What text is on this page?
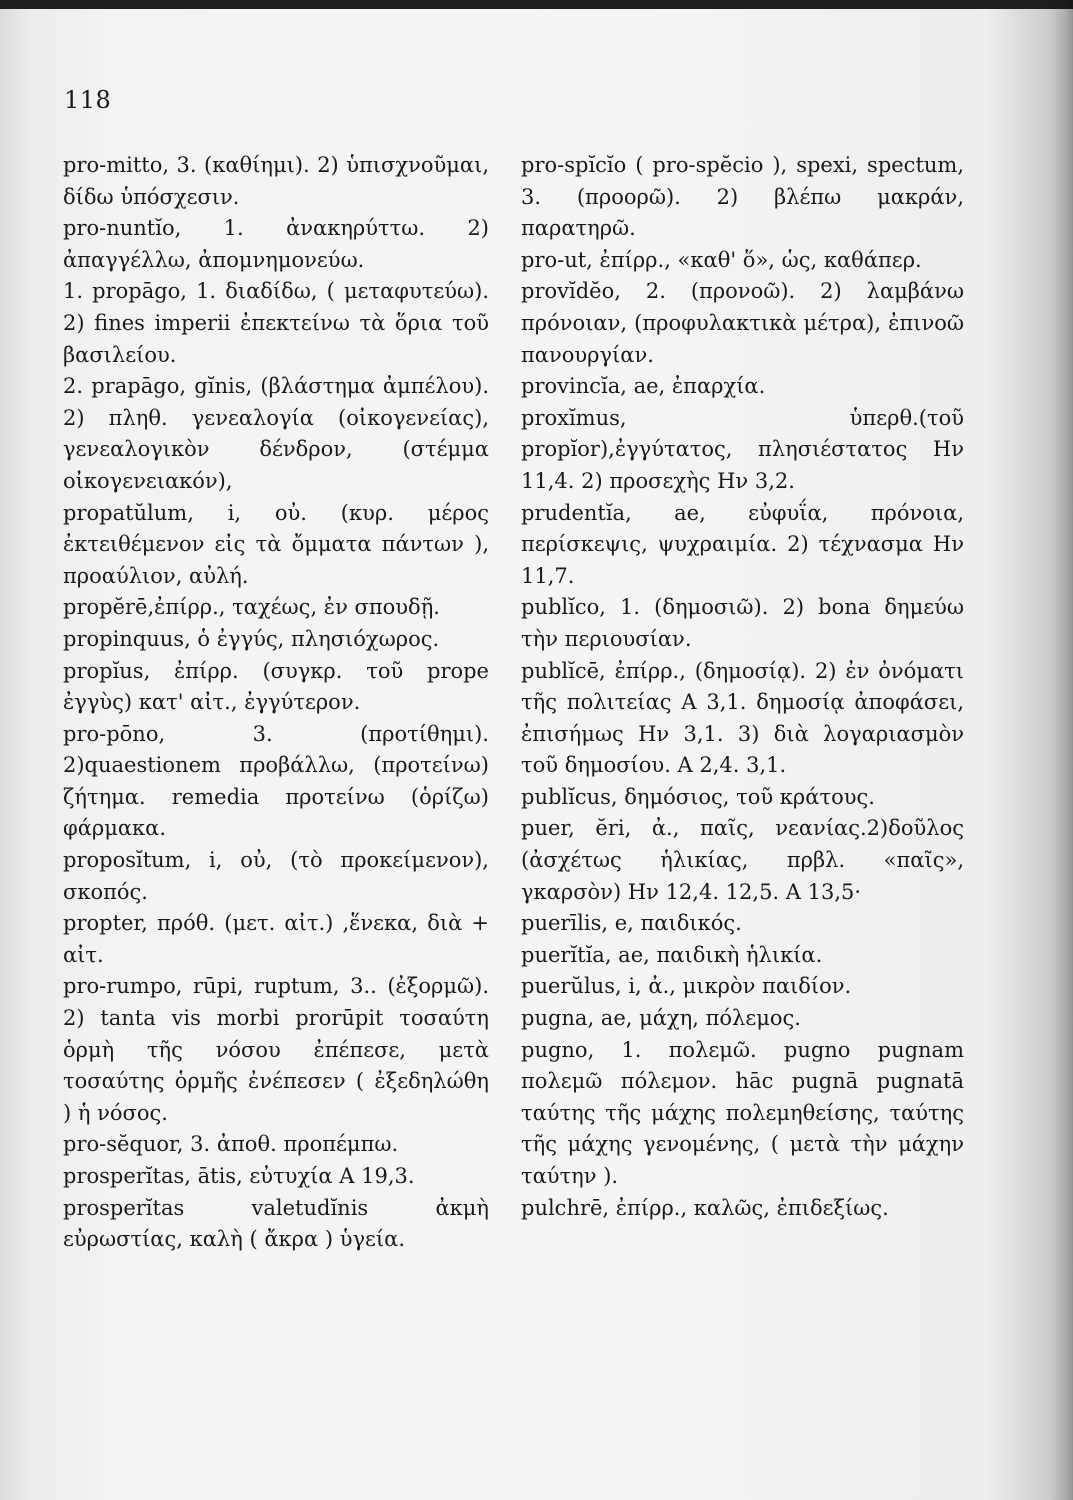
118

pro-mitto, 3. (καθίημι). 2) ὑπισχνοῦμαι, δίδω ὑπόσχεσιν.

pro-nuntĭo, 1. ἀνακηρύττω. 2) ἀπαγγέλλω, ἀπομνημονεύω.

1. propāgo, 1. διαδίδω, ( μεταφυτεύω). 2) fines imperii ἐπεκτείνω τὰ ὅρια τοῦ βασιλείου.

2. prapāgo, gĭnis, (βλάστημα ἀμπέλου). 2) πληθ. γενεαλογία (οἰκογενείας), γενεαλογικὸν δένδρον, (στέμμα οἰκογενειακόν),

propatŭlum, i, οὐ. (κυρ. μέρος ἐκτειθέμενον εἰς τὰ ὄμματα πάντων ), προαύλιον, αὐλή.

propĕrē,ἐπίρρ., ταχέως, ἐν σπουδῇ.

propinquus, ὁ ἐγγύς, πλησιόχωρος.

propĭus, ἐπίρρ. (συγκρ. τοῦ prope ἐγγὺς) κατ' αἰτ., ἐγγύτερον.

pro-pōno, 3. (προτίθημι). 2)quaestionem προβάλλω, (προτείνω) ζήτημα. remedia προτείνω (ὁρίζω) φάρμακα.

proposĭtum, i, οὐ, (τὸ προκείμενον), σκοπός.

propter, πρόθ. (μετ. αἰτ.) ,ἕνεκα, διὰ + αἰτ.

pro-rumpo, rūpi, ruptum, 3.. (ἐξορμῶ). 2) tanta vis morbi prorūpit τοσαύτη ὁρμὴ τῆς νόσου ἐπέπεσε, μετὰ τοσαύτης ὁρμῆς ἐνέπεσεν ( ἐξεδηλώθη ) ἡ νόσος.

pro-sĕquor, 3. ἀποθ. προπέμπω.

prosperĭtas, ātis, εὐτυχία Α 19,3.

prosperĭtas valetudĭnis ἀκμὴ εὐρωστίας, καλὴ ( ἄκρα ) ὑγεία.

pro-spĭcĭo ( pro-spĕcio ), spexi, spectum, 3. (προορῶ). 2) βλέπω μακράν, παρατηρῶ.

pro-ut, ἐπίρρ., «καθ' ὅ», ὡς, καθάπερ.

provĭdĕo, 2. (προνοῶ). 2) λαμβάνω πρόνοιαν, (προφυλακτικὰ μέτρα), ἐπινοῶ πανουργίαν.

provincĭa, ae, ἐπαρχία.

proxĭmus, ὑπερθ.(τοῦ propĭor),ἐγγύτατος, πλησιέστατος Ην 11,4. 2) προσεχὴς Ην 3,2.

prudentĭa, ae, εὐφυΐα, πρόνοια, περίσκεψις, ψυχραιμία. 2) τέχνασμα Ην 11,7.

publĭco, 1. (δημοσιῶ). 2) bona δημεύω τὴν περιουσίαν.

publĭcē, ἐπίρρ., (δημοσίᾳ). 2) ἐν ὀνόματι τῆς πολιτείας Α 3,1. δημοσίᾳ ἀποφάσει, ἐπισήμως Ην 3,1. 3) διὰ λογαριασμὸν τοῦ δημοσίου. Α 2,4. 3,1.

publĭcus, δημόσιος, τοῦ κράτους.

puer, ĕri, ἀ., παῖς, νεανίας.2)δοῦλος (ἀσχέτως ἡλικίας, πρβλ. «παῖς», γκαρσὸν) Ην 12,4. 12,5. Α 13,5·

puerīlis, e, παιδικός.

puerĭtĭa, ae, παιδικὴ ἡλικία.

puerŭlus, i, ἀ., μικρὸν παιδίον.

pugna, ae, μάχη, πόλεμος.

pugno, 1. πολεμῶ. pugno pugnam πολεμῶ πόλεμον. hāc pugnā pugnatā ταύτης τῆς μάχης πολεμηθείσης, ταύτης τῆς μάχης γενομένης, ( μετὰ τὴν μάχην ταύτην ).

pulchrē, ἐπίρρ., καλῶς, ἐπιδεξίως.
